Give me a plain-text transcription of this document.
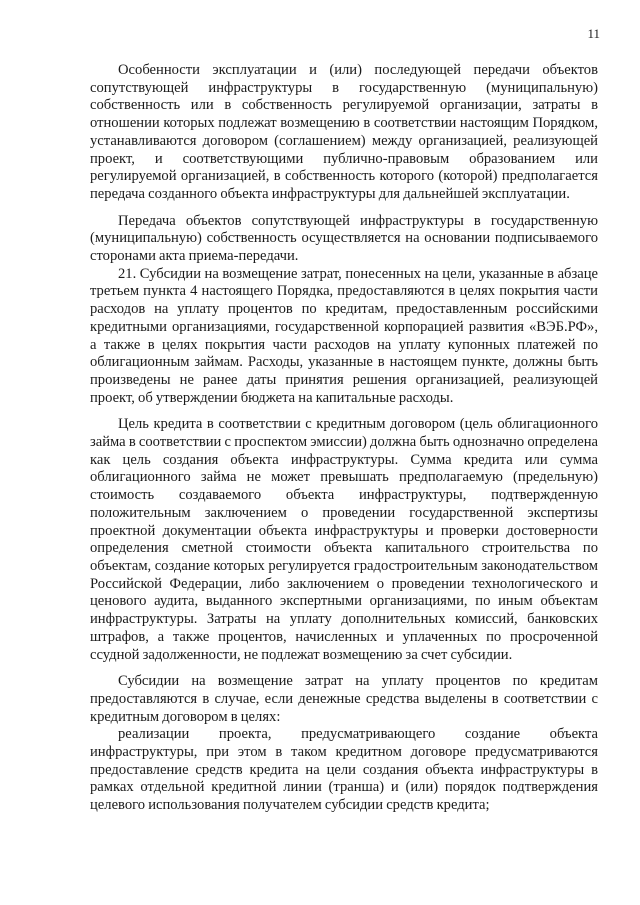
11

Особенности эксплуатации и (или) последующей передачи объектов сопутствующей инфраструктуры в государственную (муниципальную) собственность или в собственность регулируемой организации, затраты в отношении которых подлежат возмещению в соответствии настоящим Порядком, устанавливаются договором (соглашением) между организацией, реализующей проект, и соответствующими публично-правовым образованием или регулируемой организацией, в собственность которого (которой) предполагается передача созданного объекта инфраструктуры для дальнейшей эксплуатации.

Передача объектов сопутствующей инфраструктуры в государственную (муниципальную) собственность осуществляется на основании подписываемого сторонами акта приема-передачи.

21. Субсидии на возмещение затрат, понесенных на цели, указанные в абзаце третьем пункта 4 настоящего Порядка, предоставляются в целях покрытия части расходов на уплату процентов по кредитам, предоставленным российскими кредитными организациями, государственной корпорацией развития «ВЭБ.РФ», а также в целях покрытия части расходов на уплату купонных платежей по облигационным займам. Расходы, указанные в настоящем пункте, должны быть произведены не ранее даты принятия решения организацией, реализующей проект, об утверждении бюджета на капитальные расходы.

Цель кредита в соответствии с кредитным договором (цель облигационного займа в соответствии с проспектом эмиссии) должна быть однозначно определена как цель создания объекта инфраструктуры. Сумма кредита или сумма облигационного займа не может превышать предполагаемую (предельную) стоимость создаваемого объекта инфраструктуры, подтвержденную положительным заключением о проведении государственной экспертизы проектной документации объекта инфраструктуры и проверки достоверности определения сметной стоимости объекта капитального строительства по объектам, создание которых регулируется градостроительным законодательством Российской Федерации, либо заключением о проведении технологического и ценового аудита, выданного экспертными организациями, по иным объектам инфраструктуры. Затраты на уплату дополнительных комиссий, банковских штрафов, а также процентов, начисленных и уплаченных по просроченной ссудной задолженности, не подлежат возмещению за счет субсидии.

Субсидии на возмещение затрат на уплату процентов по кредитам предоставляются в случае, если денежные средства выделены в соответствии с кредитным договором в целях:

реализации проекта, предусматривающего создание объекта инфраструктуры, при этом в таком кредитном договоре предусматриваются предоставление средств кредита на цели создания объекта инфраструктуры в рамках отдельной кредитной линии (транша) и (или) порядок подтверждения целевого использования получателем субсидии средств кредита;
